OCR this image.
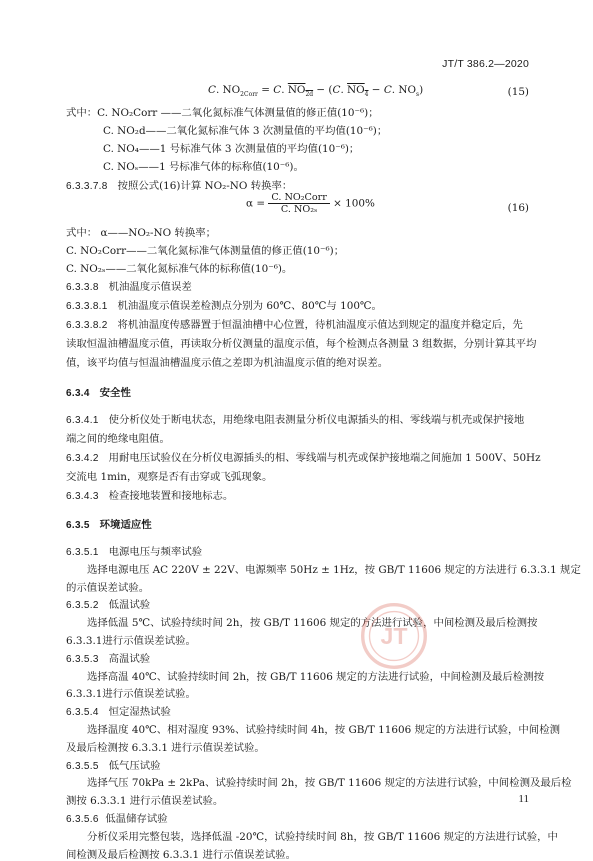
JT/T 386.2—2020
C. $NO_{2Corr} = C$. $NO_{2d} - (C$. $NO_4 - C$. $NO_s$)	(15)
式中：C. NO₂Corr ——二氧化氮标准气体测量值的修正值(10⁻⁶)；
C. NO₂d——二氧化氮标准气体 3 次测量值的平均值(10⁻⁶)；
C. NO₄——1 号标准气体 3 次测量值的平均值(10⁻⁶)；
C. NOₛ——1 号标准气体的标称值(10⁻⁶)。
6.3.3.7.8 按照公式(16)计算 NO₂-NO 转换率：
$\alpha = \frac{\text{C. NO₂Corr}}{\text{C. NO₂ₛ}} \times 100\%$	(16)
式中： α——NO₂-NO 转换率；
C. NO₂Corr——二氧化氮标准气体测量值的修正值(10⁻⁶)；
C. NO₂ₛ——二氧化氮标准气体的标称值(10⁻⁶)。
6.3.3.8 机油温度示值误差
6.3.3.8.1 机油温度示值误差检测点分别为 60℃、80℃与 100℃。
6.3.3.8.2 将机油温度传感器置于恒温油槽中心位置，待机油温度示值达到规定的温度并稳定后，先
读取恒温油槽温度示值，再读取分析仪测量的温度示值，每个检测点各测量 3 组数据，分别计算其平均
值，该平均值与恒温油槽温度示值之差即为机油温度示值的绝对误差。
6.3.4 安全性
6.3.4.1 使分析仪处于断电状态，用绝缘电阻表测量分析仪电源插头的相、零线端与机壳或保护接地
端之间的绝缘电阻值。
6.3.4.2 用耐电压试验仪在分析仪电源插头的相、零线端与机壳或保护接地端之间施加 1 500V、50Hz
交流电 1min，观察是否有击穿或飞弧现象。
6.3.4.3 检查接地装置和接地标志。
6.3.5 环境适应性
6.3.5.1 电源电压与频率试验
选择电源电压 AC 220V ± 22V、电源频率 50Hz ± 1Hz，按 GB/T 11606 规定的方法进行 6.3.3.1 规定
的示值误差试验。
6.3.5.2 低温试验
选择低温 5℃、试验持续时间 2h，按 GB/T 11606 规定的方法进行试验，中间检测及最后检测按
6.3.3.1进行示值误差试验。
6.3.5.3 高温试验
选择高温 40℃、试验持续时间 2h，按 GB/T 11606 规定的方法进行试验，中间检测及最后检测按
6.3.3.1进行示值误差试验。
6.3.5.4 恒定湿热试验
选择温度 40℃、相对湿度 93%、试验持续时间 4h，按 GB/T 11606 规定的方法进行试验，中间检测
及最后检测按 6.3.3.1 进行示值误差试验。
6.3.5.5 低气压试验
JT
11
选择气压 70kPa ± 2kPa、试验持续时间 2h，按 GB/T 11606 规定的方法进行试验，中间检测及最后检
测按 6.3.3.1 进行示值误差试验。
6.3.5.6  低温储存试验
分析仪采用完整包装，选择低温 -20℃，试验持续时间 8h，按 GB/T 11606 规定的方法进行试验，中
间检测及最后检测按 6.3.3.1 进行示值误差试验。
